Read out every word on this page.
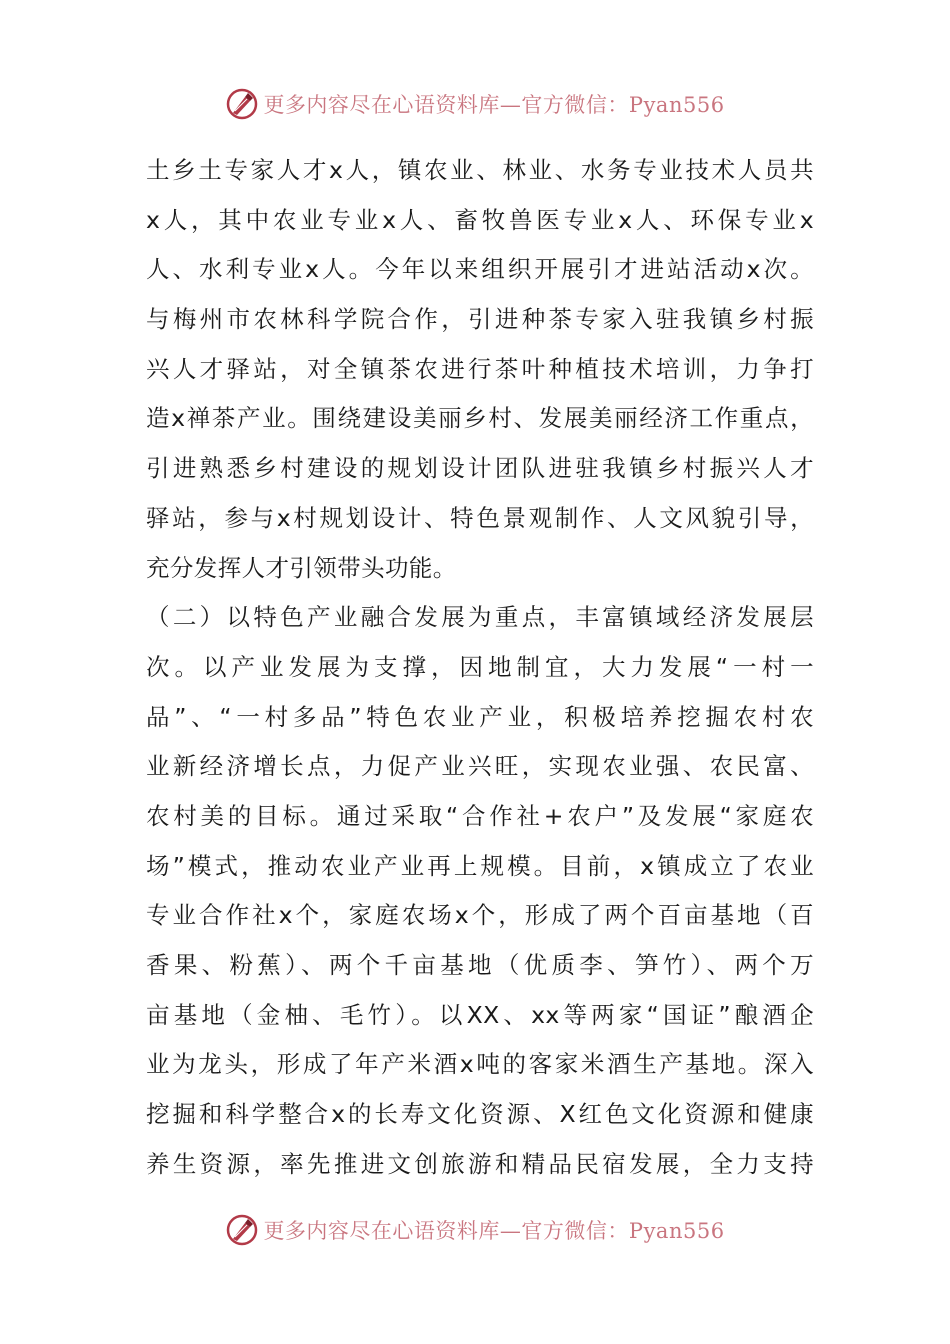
更多内容尽在心语资料库—官方微信：Pyan556
土乡土专家人才x人，镇农业、林业、水务专业技术人员共
x人，其中农业专业x人、畜牧兽医专业x人、环保专业x
人、水利专业x人。今年以来组织开展引才进站活动x次。
与梅州市农林科学院合作，引进种茶专家入驻我镇乡村振
兴人才驿站，对全镇茶农进行茶叶种植技术培训，力争打
造x禅茶产业。围绕建设美丽乡村、发展美丽经济工作重点，
引进熟悉乡村建设的规划设计团队进驻我镇乡村振兴人才
驿站，参与x村规划设计、特色景观制作、人文风貌引导，
充分发挥人才引领带头功能。
（二）以特色产业融合发展为重点，丰富镇域经济发展层
次。以产业发展为支撑，因地制宜，大力发展“一村一
品”、“一村多品”特色农业产业，积极培养挖掘农村农
业新经济增长点，力促产业兴旺，实现农业强、农民富、
农村美的目标。通过采取“合作社+农户”及发展“家庭农
场”模式，推动农业产业再上规模。目前，x镇成立了农业
专业合作社x个，家庭农场x个，形成了两个百亩基地（百
香果、粉蕉）、两个千亩基地（优质李、笋竹）、两个万
亩基地（金柚、毛竹）。以XX、xx等两家“国证”酿酒企
业为龙头，形成了年产米酒x吨的客家米酒生产基地。深入
挖掘和科学整合x的长寿文化资源、X红色文化资源和健康
养生资源，率先推进文创旅游和精品民宿发展，全力支持
更多内容尽在心语资料库—官方微信：Pyan556
